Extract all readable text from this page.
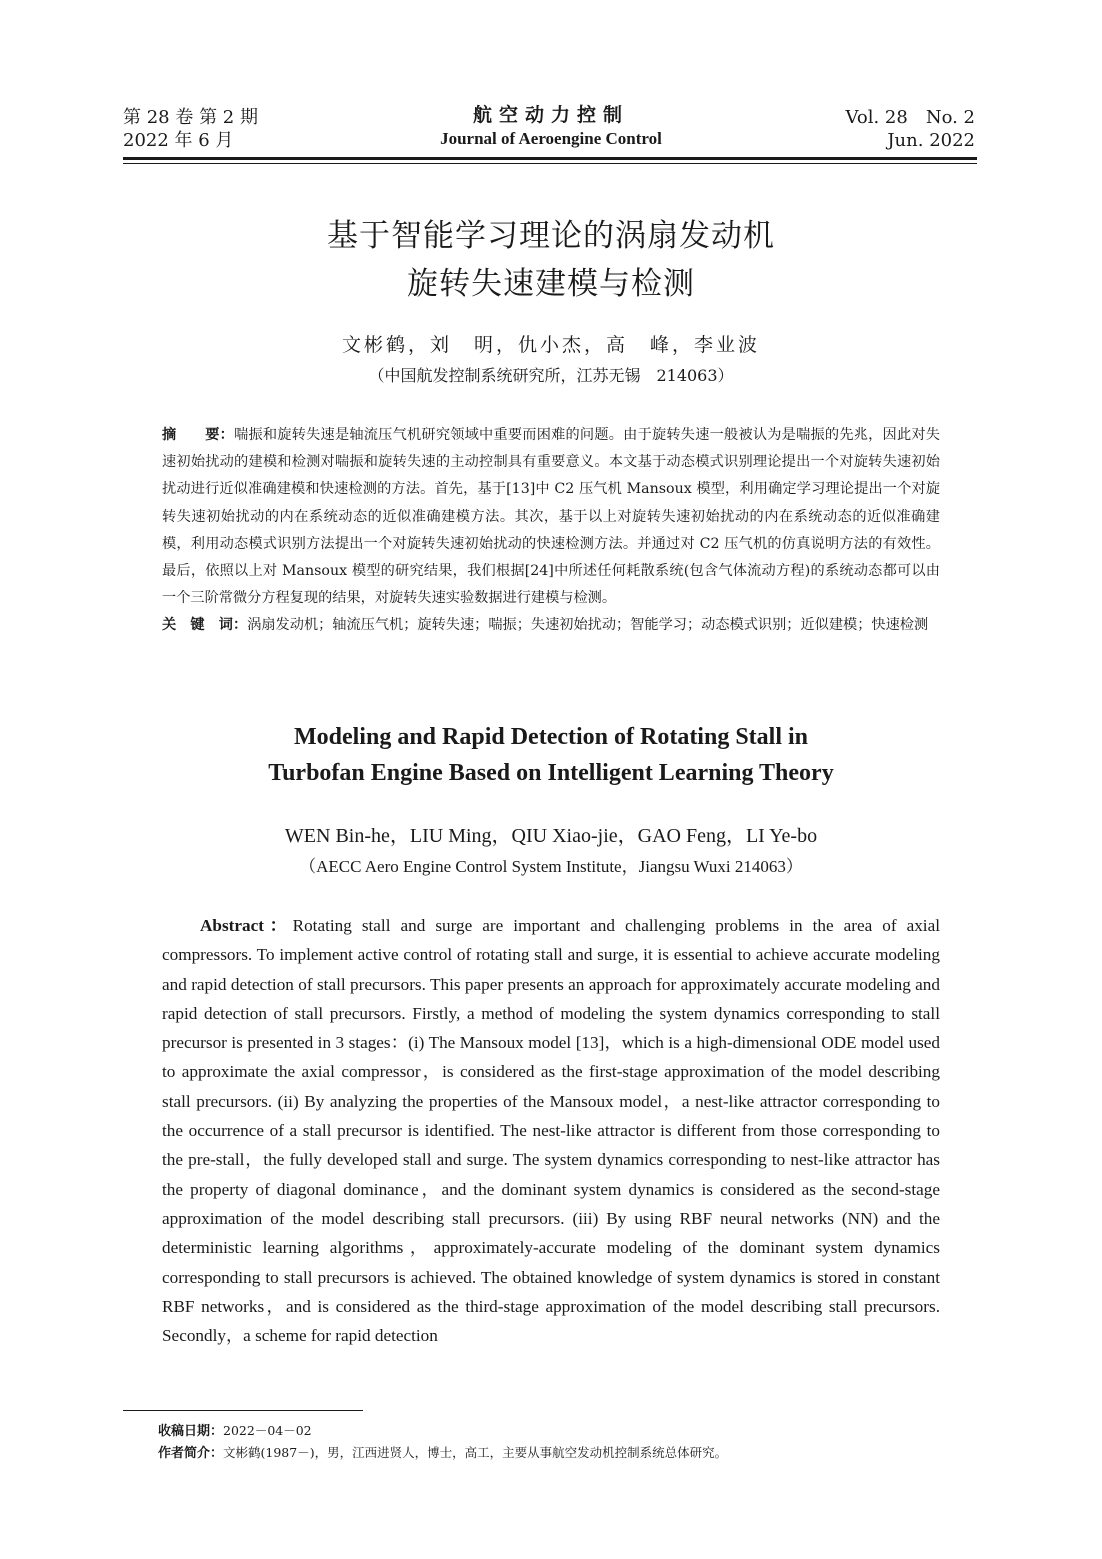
第 28 卷 第 2 期
2022 年 6 月
航空动力控制
Journal of Aeroengine Control
Vol. 28　No. 2
Jun. 2022
基于智能学习理论的涡扇发动机
旋转失速建模与检测
文彬鹤，刘　明，仇小杰，高　峰，李业波
（中国航发控制系统研究所，江苏无锡　214063）

摘　　要：喘振和旋转失速是轴流压气机研究领域中重要而困难的问题。由于旋转失速一般被认为是喘振的先兆，因此对失速初始扰动的建模和检测对喘振和旋转失速的主动控制具有重要意义。本文基于动态模式识别理论提出一个对旋转失速初始扰动进行近似准确建模和快速检测的方法。首先，基于[13]中 C2 压气机 Mansoux 模型，利用确定学习理论提出一个对旋转失速初始扰动的内在系统动态的近似准确建模方法。其次，基于以上对旋转失速初始扰动的内在系统动态的近似准确建模，利用动态模式识别方法提出一个对旋转失速初始扰动的快速检测方法。并通过对 C2 压气机的仿真说明方法的有效性。最后，依照以上对 Mansoux 模型的研究结果，我们根据[24]中所述任何耗散系统(包含气体流动方程)的系统动态都可以由一个三阶常微分方程复现的结果，对旋转失速实验数据进行建模与检测。

关　键　词：涡扇发动机；轴流压气机；旋转失速；喘振；失速初始扰动；智能学习；动态模式识别；近似建模；快速检测

Modeling and Rapid Detection of Rotating Stall in
Turbofan Engine Based on Intelligent Learning Theory
WEN Bin-he，LIU Ming，QIU Xiao-jie，GAO Feng，LI Ye-bo
（AECC Aero Engine Control System Institute，Jiangsu Wuxi 214063）

Abstract：Rotating stall and surge are important and challenging problems in the area of axial compressors. To implement active control of rotating stall and surge, it is essential to achieve accurate modeling and rapid detection of stall precursors. This paper presents an approach for approximately accurate modeling and rapid detection of stall precursors. Firstly, a method of modeling the system dynamics corresponding to stall precursor is presented in 3 stages：(i) The Mansoux model [13]，which is a high-dimensional ODE model used to approximate the axial compressor，is considered as the first-stage approximation of the model describing stall precursors. (ii) By analyzing the properties of the Mansoux model，a nest-like attractor corresponding to the occurrence of a stall precursor is identified. The nest-like attractor is different from those corresponding to the pre-stall，the fully developed stall and surge. The system dynamics corresponding to nest-like attractor has the property of diagonal dominance，and the dominant system dynamics is considered as the second-stage approximation of the model describing stall precursors. (iii) By using RBF neural networks (NN) and the deterministic learning algorithms，approximately-accurate modeling of the dominant system dynamics corresponding to stall precursors is achieved. The obtained knowledge of system dynamics is stored in constant RBF networks，and is considered as the third-stage approximation of the model describing stall precursors. Secondly，a scheme for rapid detection

收稿日期：2022－04－02
作者简介：文彬鹤(1987－)，男，江西进贤人，博士，高工，主要从事航空发动机控制系统总体研究。
